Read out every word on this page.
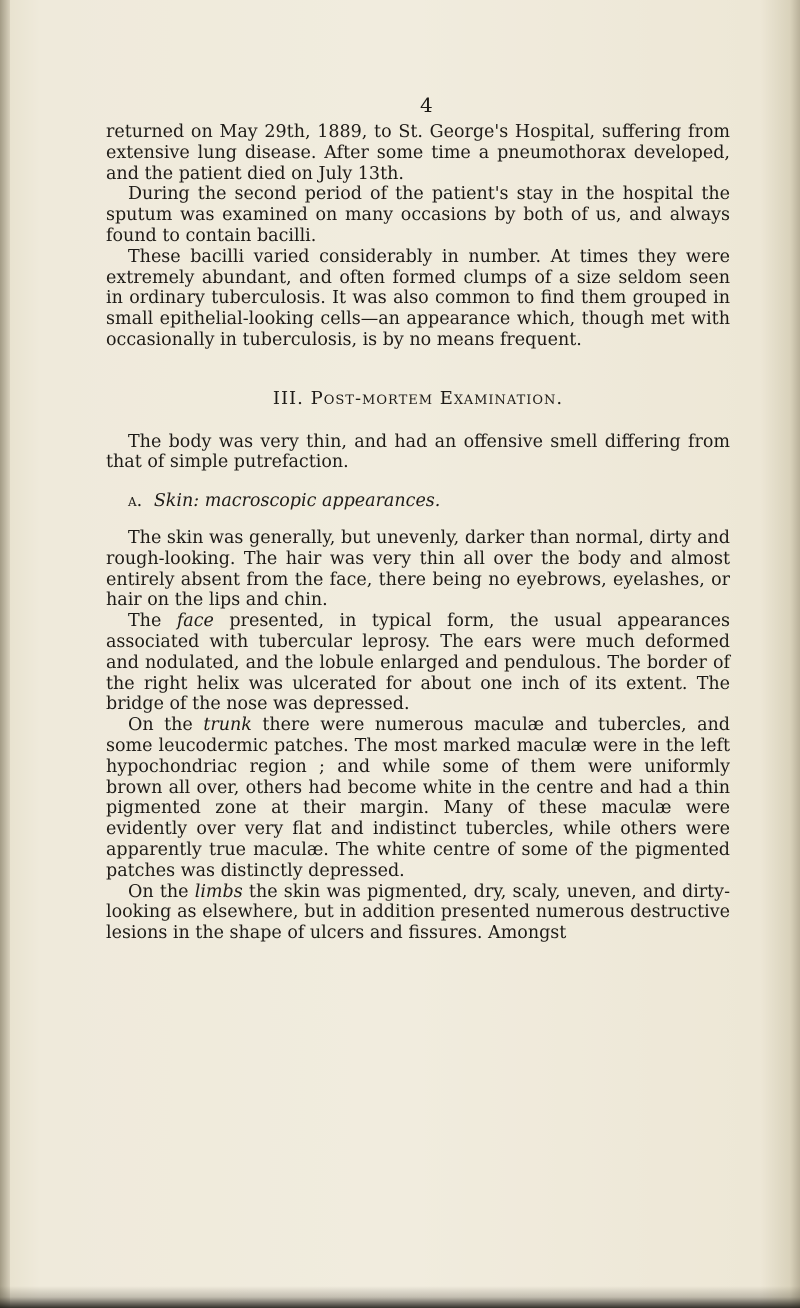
4

returned on May 29th, 1889, to St. George's Hospital, suffering from extensive lung disease. After some time a pneumothorax developed, and the patient died on July 13th.

During the second period of the patient's stay in the hospital the sputum was examined on many occasions by both of us, and always found to contain bacilli.

These bacilli varied considerably in number. At times they were extremely abundant, and often formed clumps of a size seldom seen in ordinary tuberculosis. It was also common to find them grouped in small epithelial-looking cells—an appearance which, though met with occasionally in tuberculosis, is by no means frequent.

III. Post-mortem Examination.

The body was very thin, and had an offensive smell differing from that of simple putrefaction.

a. Skin: macroscopic appearances.

The skin was generally, but unevenly, darker than normal, dirty and rough-looking. The hair was very thin all over the body and almost entirely absent from the face, there being no eyebrows, eyelashes, or hair on the lips and chin.

The face presented, in typical form, the usual appearances associated with tubercular leprosy. The ears were much deformed and nodulated, and the lobule enlarged and pendulous. The border of the right helix was ulcerated for about one inch of its extent. The bridge of the nose was depressed.

On the trunk there were numerous maculæ and tubercles, and some leucodermic patches. The most marked maculæ were in the left hypochondriac region ; and while some of them were uniformly brown all over, others had become white in the centre and had a thin pigmented zone at their margin. Many of these maculæ were evidently over very flat and indistinct tubercles, while others were apparently true maculæ. The white centre of some of the pigmented patches was distinctly depressed.

On the limbs the skin was pigmented, dry, scaly, uneven, and dirty-looking as elsewhere, but in addition presented numerous destructive lesions in the shape of ulcers and fissures. Amongst
